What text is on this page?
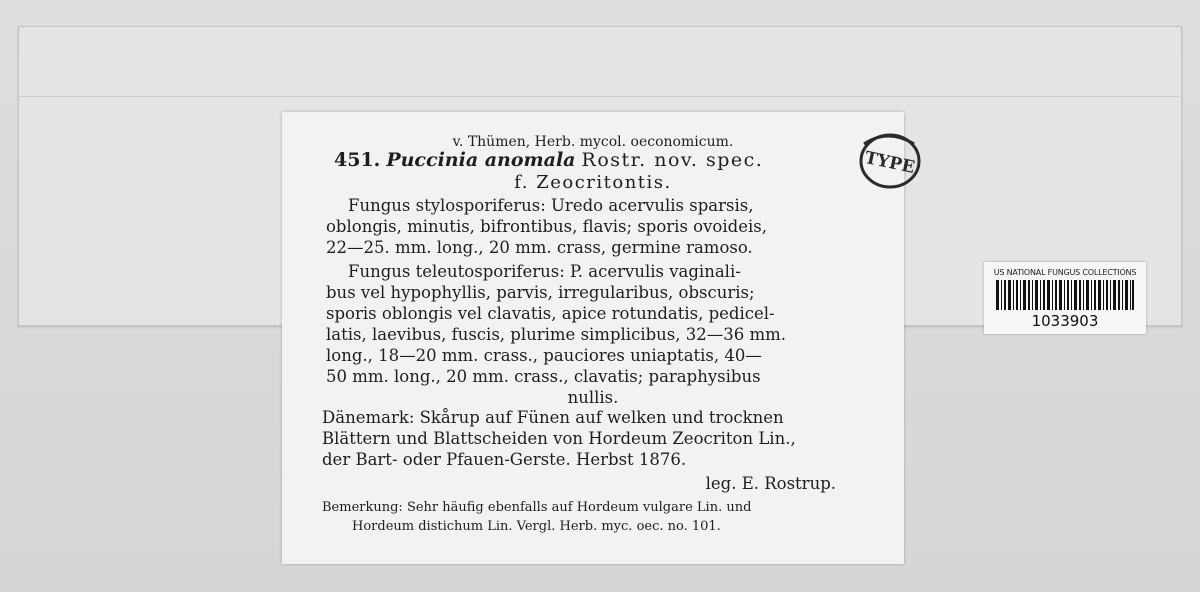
v. Thümen, Herb. mycol. oeconomicum.
451. Puccinia anomala Rostr. nov. spec.
f. Zeocritontis.
Fungus stylosporiferus: Uredo acervulis sparsis,
oblongis, minutis, bifrontibus, flavis; sporis ovoideis,
22—25. mm. long., 20 mm. crass, germine ramoso.
Fungus teleutosporiferus: P. acervulis vaginali-
bus vel hypophyllis, parvis, irregularibus, obscuris;
sporis oblongis vel clavatis, apice rotundatis, pedicel-
latis, laevibus, fuscis, plurime simplicibus, 32—36 mm.
long., 18—20 mm. crass., pauciores uniaptatis, 40—
50 mm. long., 20 mm. crass., clavatis; paraphysibus
nullis.
Dänemark: Skårup auf Fünen auf welken und trocknen
Blättern und Blattscheiden von Hordeum Zeocriton Lin.,
der Bart- oder Pfauen-Gerste. Herbst 1876.
leg. E. Rostrup.
Bemerkung: Sehr häufig ebenfalls auf Hordeum vulgare Lin. und
Hordeum distichum Lin. Vergl. Herb. myc. oec. no. 101.
TYPE
US NATIONAL FUNGUS COLLECTIONS
1033903
